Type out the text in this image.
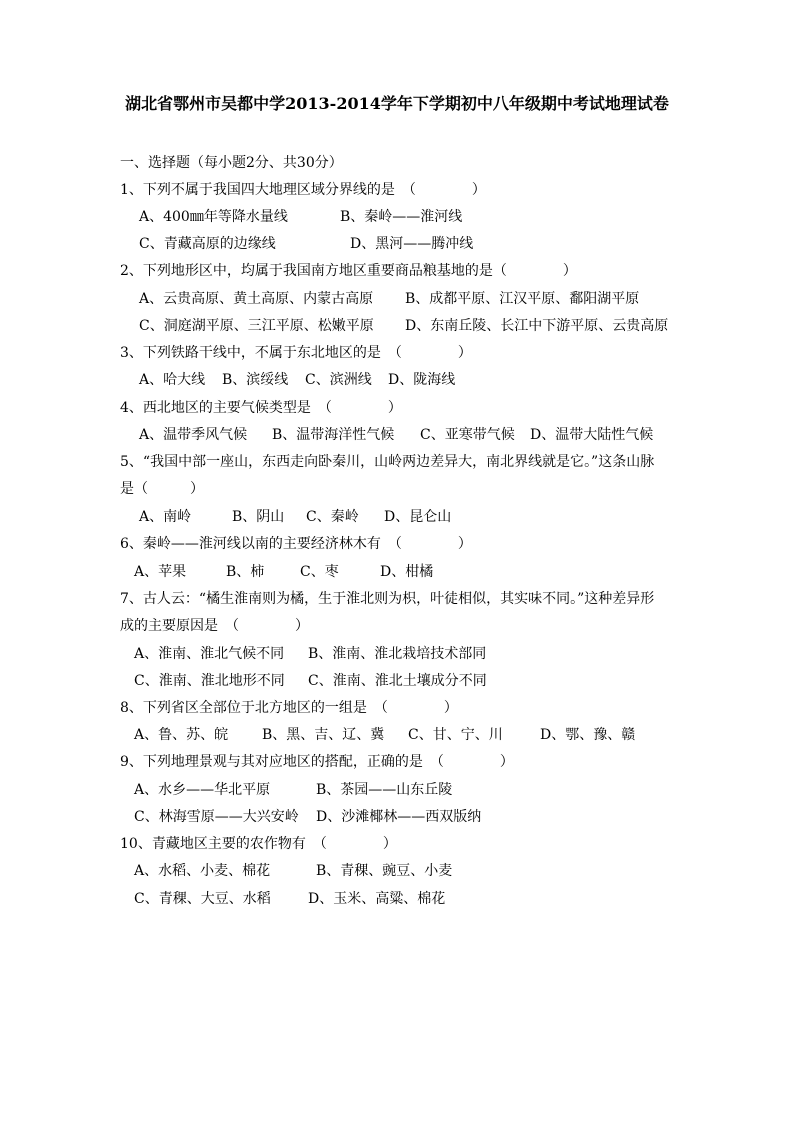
湖北省鄂州市吴都中学2013-2014学年下学期初中八年级期中考试地理试卷
一、选择题（每小题2分、共30分）
1、下列不属于我国四大地理区域分界线的是　（　　　　）
A、400㎜年等降水量线	B、秦岭——淮河线
C、青藏高原的边缘线	D、黑河——腾冲线
2、下列地形区中，均属于我国南方地区重要商品粮基地的是（　　　　）
A、云贵高原、黄土高原、内蒙古高原 B、成都平原、江汉平原、鄱阳湖平原
C、洞庭湖平原、三江平原、松嫩平原 D、东南丘陵、长江中下游平原、云贵高原
3、下列铁路干线中，不属于东北地区的是　（　　　　）
A、哈大线 B、滨绥线 C、滨洲线 D、陇海线
4、西北地区的主要气候类型是　（　　　　）
A、温带季风气候 B、温带海洋性气候 C、亚寒带气候 D、温带大陆性气候
5、“我国中部一座山，东西走向卧秦川，山岭两边差异大，南北界线就是它。”这条山脉
是（　　　）
A、南岭	B、阴山 C、秦岭 D、昆仑山
6、秦岭——淮河线以南的主要经济林木有　（　　　　）
A、苹果	B、柿	C、枣	D、柑橘
7、古人云：“橘生淮南则为橘，生于淮北则为枳，叶徒相似，其实味不同。”这种差异形
成的主要原因是　（　　　　）
A、淮南、淮北气候不同 B、淮南、淮北栽培技术部同
C、淮南、淮北地形不同 C、淮南、淮北土壤成分不同
8、下列省区全部位于北方地区的一组是　（　　　　）
A、鲁、苏、皖 B、黑、吉、辽、冀 C、甘、宁、川	D、鄂、豫、赣
9、下列地理景观与其对应地区的搭配，正确的是　（　　　　）
A、水乡——华北平原	B、茶园——山东丘陵
C、林海雪原——大兴安岭 D、沙滩椰林——西双版纳
10、青藏地区主要的农作物有　（　　　　）
A、水稻、小麦、棉花	B、青稞、豌豆、小麦
C、青稞、大豆、水稻	D、玉米、高粱、棉花
